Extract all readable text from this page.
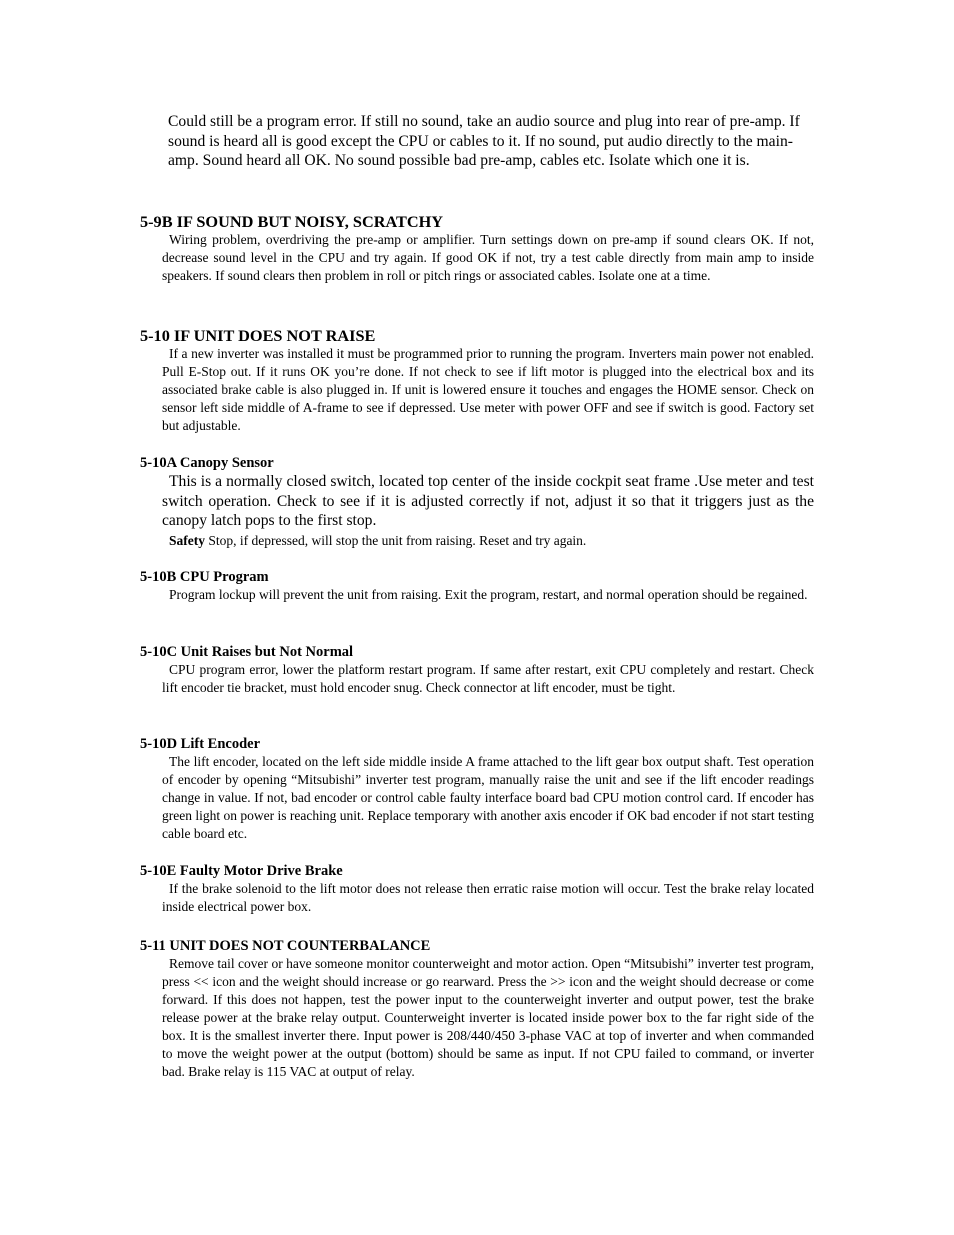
Could still be a program error. If still no sound, take an audio source and plug into rear of pre-amp. If sound is heard all is good except the CPU or cables to it. If no sound, put audio directly to the main-amp. Sound heard all OK. No sound possible bad pre-amp, cables etc. Isolate which one it is.

5-9B IF SOUND BUT NOISY, SCRATCHY

Wiring problem, overdriving the pre-amp or amplifier. Turn settings down on pre-amp if sound clears OK. If not, decrease sound level in the CPU and try again. If good OK if not, try a test cable directly from main amp to inside speakers. If sound clears then problem in roll or pitch rings or associated cables. Isolate one at a time.

5-10 IF UNIT DOES NOT RAISE

If a new inverter was installed it must be programmed prior to running the program. Inverters main power not enabled. Pull E-Stop out. If it runs OK you’re done. If not check to see if lift motor is plugged into the electrical box and its associated brake cable is also plugged in. If unit is lowered ensure it touches and engages the HOME sensor. Check on sensor left side middle of A-frame to see if depressed. Use meter with power OFF and see if switch is good. Factory set but adjustable.

5-10A Canopy Sensor

This is a normally closed switch, located top center of the inside cockpit seat frame .Use meter and test switch operation. Check to see if it is adjusted correctly if not, adjust it so that it triggers just as the canopy latch pops to the first stop.

Safety Stop, if depressed, will stop the unit from raising. Reset and try again.

5-10B CPU Program

Program lockup will prevent the unit from raising. Exit the program, restart, and normal operation should be regained.

5-10C Unit Raises but Not Normal

CPU program error, lower the platform restart program. If same after restart, exit CPU completely and restart. Check lift encoder tie bracket, must hold encoder snug. Check connector at lift encoder, must be tight.

5-10D Lift Encoder

The lift encoder, located on the left side middle inside A frame attached to the lift gear box output shaft. Test operation of encoder by opening “Mitsubishi” inverter test program, manually raise the unit and see if the lift encoder readings change in value. If not, bad encoder or control cable faulty interface board bad CPU motion control card. If encoder has green light on power is reaching unit. Replace temporary with another axis encoder if OK bad encoder if not start testing cable board etc.

5-10E Faulty Motor Drive Brake

If the brake solenoid to the lift motor does not release then erratic raise motion will occur. Test the brake relay located inside electrical power box.

5-11 UNIT DOES NOT COUNTERBALANCE

Remove tail cover or have someone monitor counterweight and motor action. Open “Mitsubishi” inverter test program, press << icon and the weight should increase or go rearward. Press the >> icon and the weight should decrease or come forward. If this does not happen, test the power input to the counterweight inverter and output power, test the brake release power at the brake relay output. Counterweight inverter is located inside power box to the far right side of the box. It is the smallest inverter there. Input power is 208/440/450 3-phase VAC at top of inverter and when commanded to move the weight power at the output (bottom) should be same as input. If not CPU failed to command, or inverter bad. Brake relay is 115 VAC at output of relay.
